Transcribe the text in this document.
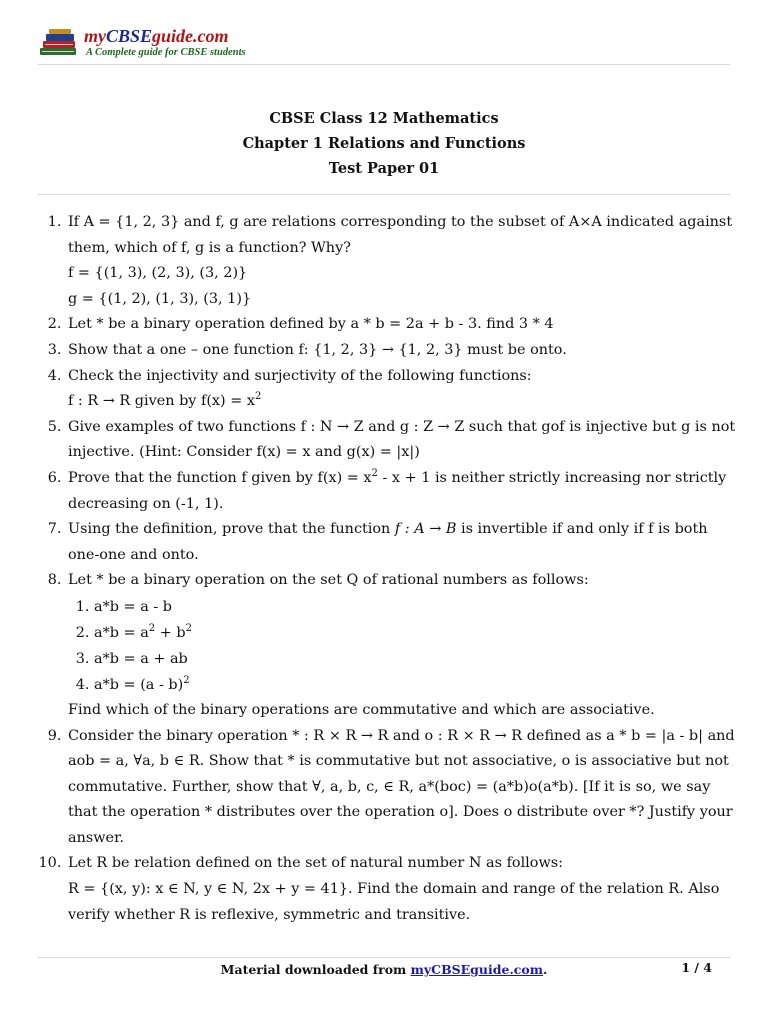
myCBSEguide.com
A Complete guide for CBSE students
CBSE Class 12 Mathematics
Chapter 1 Relations and Functions
Test Paper 01
1. If A = {1, 2, 3} and f, g are relations corresponding to the subset of A×A indicated against them, which of f, g is a function? Why?
f = {(1, 3), (2, 3), (3, 2)}
g = {(1, 2), (1, 3), (3, 1)}
2. Let * be a binary operation defined by a * b = 2a + b - 3. find 3 * 4
3. Show that a one – one function f: {1, 2, 3} → {1, 2, 3} must be onto.
4. Check the injectivity and surjectivity of the following functions:
f : R → R given by $f(x) = x^2$
5. Give examples of two functions f : N → Z and g : Z → Z such that gof is injective but g is not injective. (Hint: Consider f(x) = x and g(x) = |x|)
6. Prove that the function f given by $f(x) = x^2 - x + 1$ is neither strictly increasing nor strictly decreasing on (-1, 1).
7. Using the definition, prove that the function f : A → B is invertible if and only if f is both one-one and onto.
8. Let * be a binary operation on the set Q of rational numbers as follows:
1. a*b = a - b
2. $a*b = a^2 + b^2$
3. a*b = a + ab
4. a*b = (a - b)$^2$
Find which of the binary operations are commutative and which are associative.
9. Consider the binary operation * : R × R → R and o : R × R → R defined as a * b = |a - b| and aob = a, ∀a, b ∈ R. Show that * is commutative but not associative, o is associative but not commutative. Further, show that ∀, a, b, c, ∈ R, a*(boc) = (a*b)o(a*b). [If it is so, we say that the operation * distributes over the operation o]. Does o distribute over *? Justify your answer.
10. Let R be relation defined on the set of natural number N as follows:
R = {(x, y): x ∈ N, y ∈ N, 2x + y = 41}. Find the domain and range of the relation R. Also verify whether R is reflexive, symmetric and transitive.
Material downloaded from myCBSEguide.com.	1 / 4
